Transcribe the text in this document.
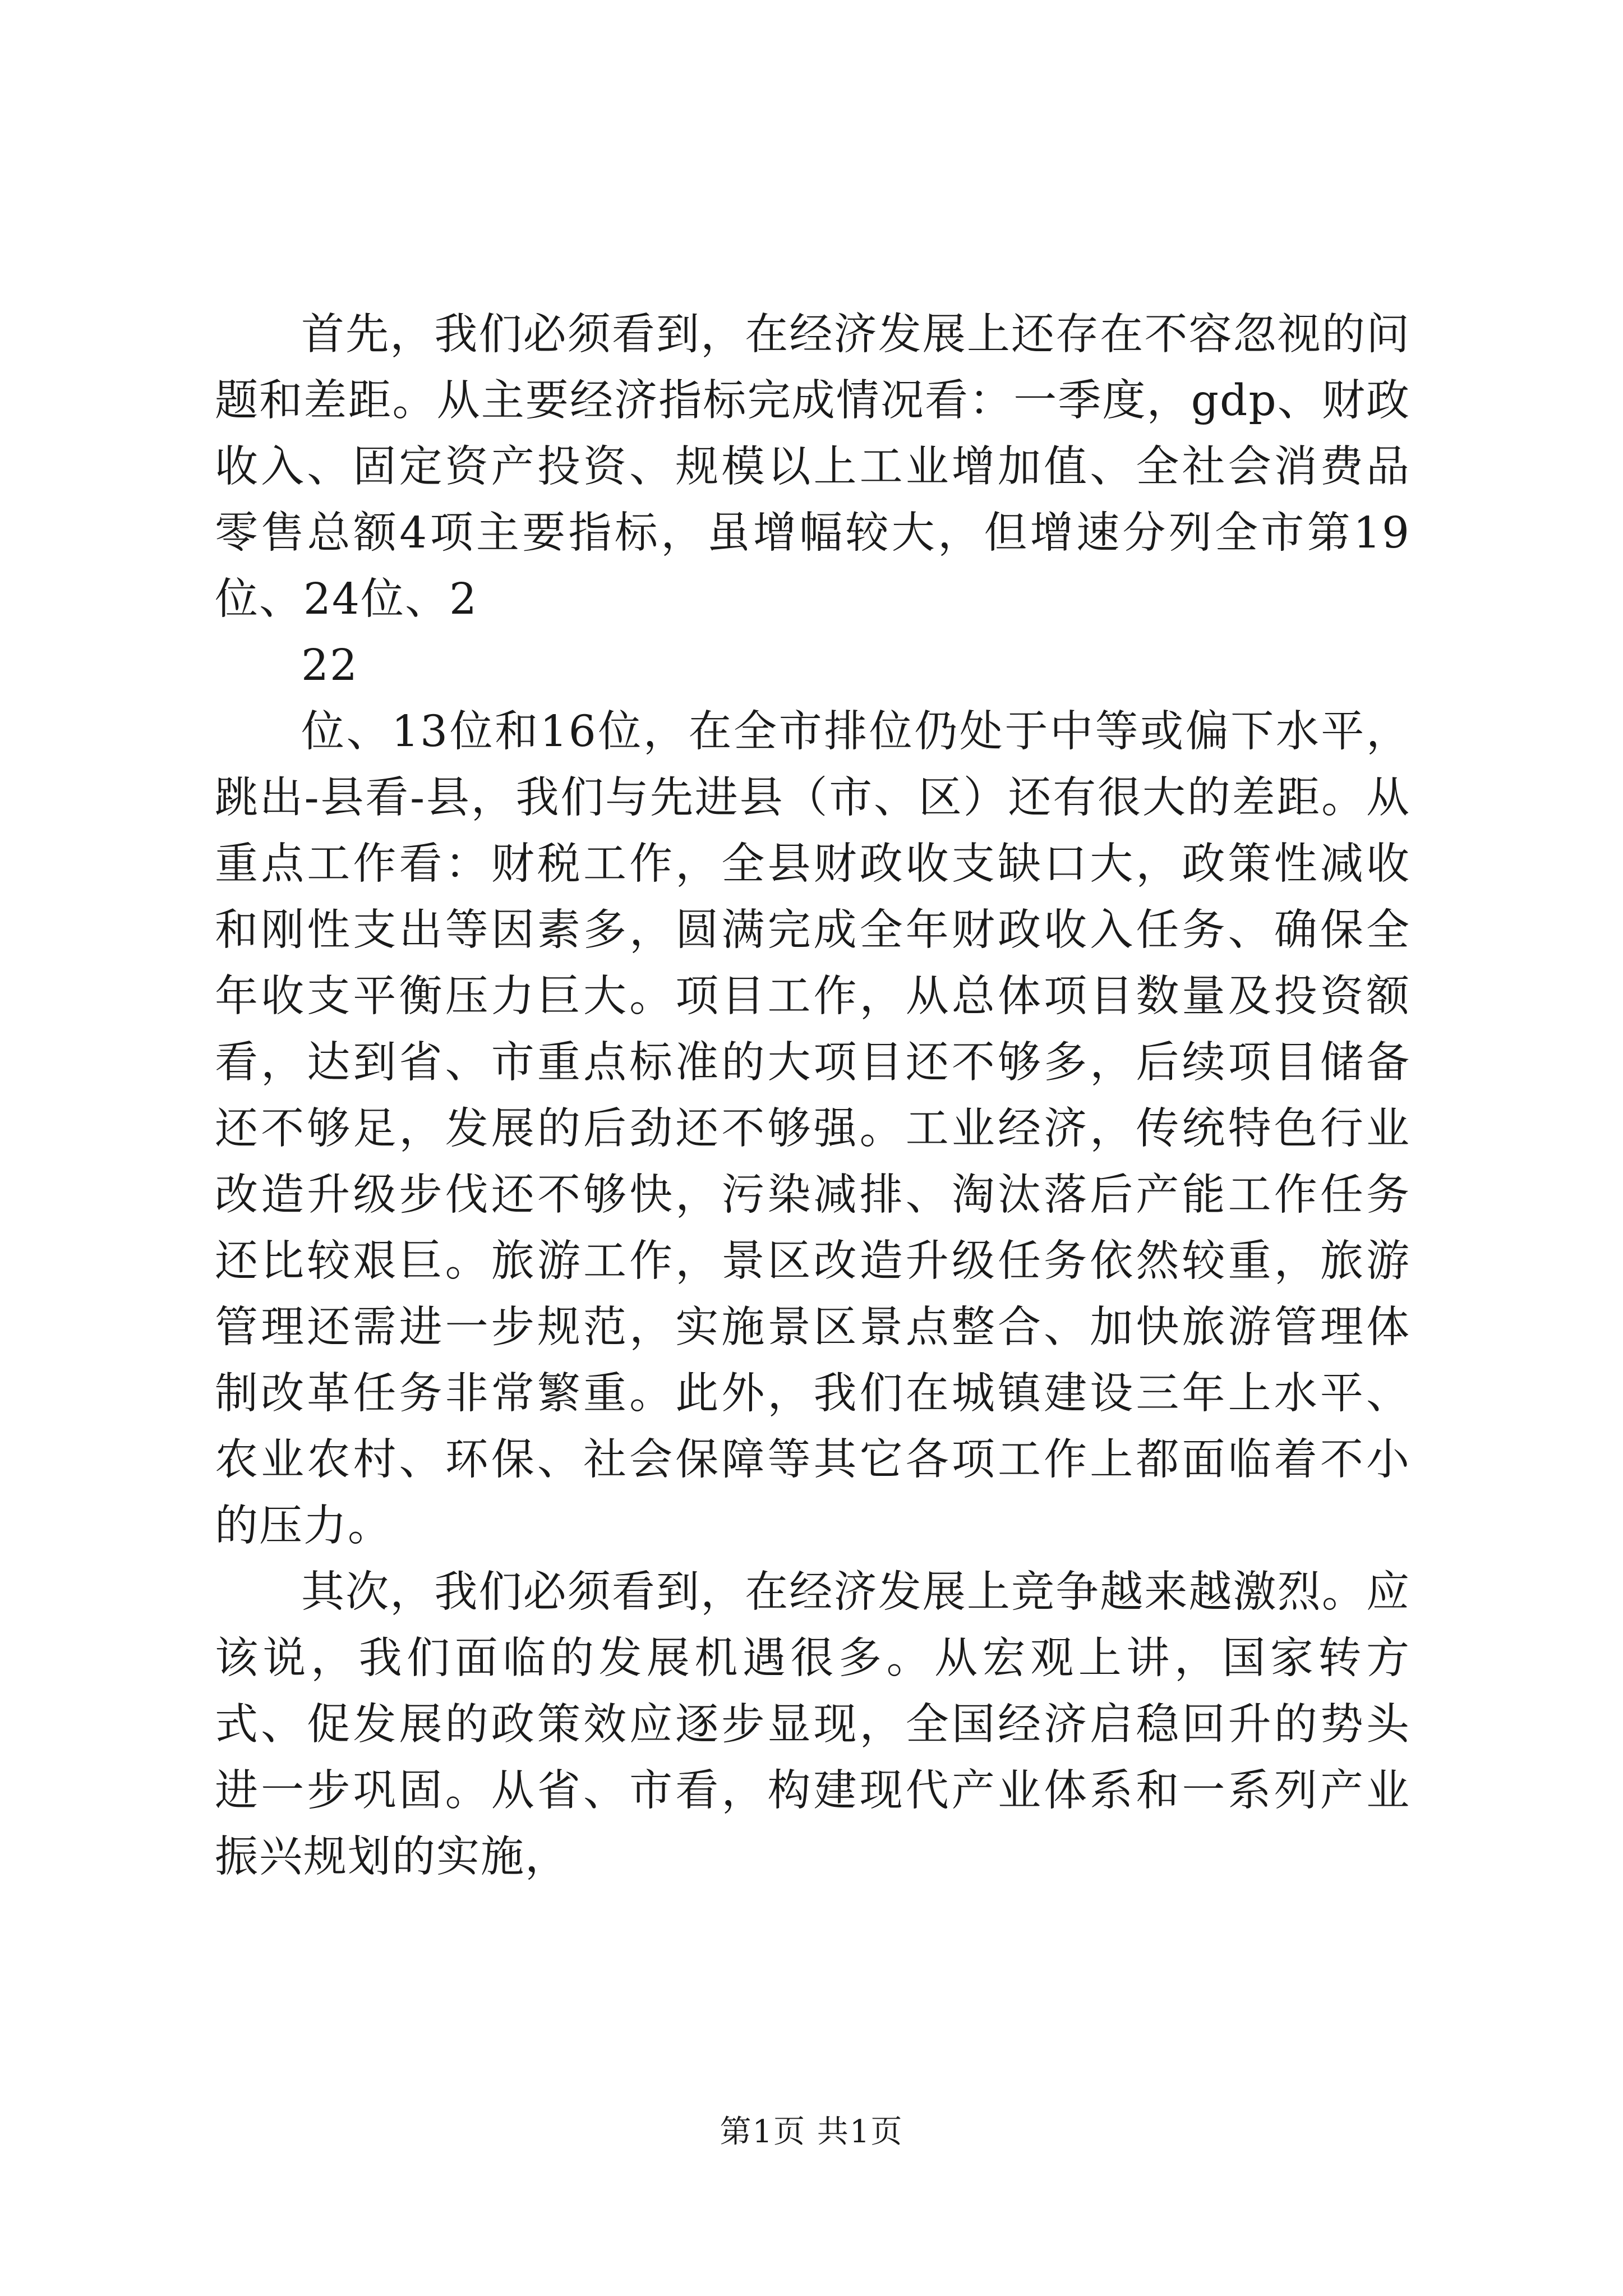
首先，我们必须看到，在经济发展上还存在不容忽视的问题和差距。从主要经济指标完成情况看：一季度，gdp、财政收入、固定资产投资、规模以上工业增加值、全社会消费品零售总额4项主要指标，虽增幅较大，但增速分列全市第19位、24位、2

22

位、13位和16位，在全市排位仍处于中等或偏下水平，跳出-县看-县，我们与先进县（市、区）还有很大的差距。从重点工作看：财税工作，全县财政收支缺口大，政策性减收和刚性支出等因素多，圆满完成全年财政收入任务、确保全年收支平衡压力巨大。项目工作，从总体项目数量及投资额看，达到省、市重点标准的大项目还不够多，后续项目储备还不够足，发展的后劲还不够强。工业经济，传统特色行业改造升级步伐还不够快，污染减排、淘汰落后产能工作任务还比较艰巨。旅游工作，景区改造升级任务依然较重，旅游管理还需进一步规范，实施景区景点整合、加快旅游管理体制改革任务非常繁重。此外，我们在城镇建设三年上水平、农业农村、环保、社会保障等其它各项工作上都面临着不小的压力。

其次，我们必须看到，在经济发展上竞争越来越激烈。应该说，我们面临的发展机遇很多。从宏观上讲，国家转方式、促发展的政策效应逐步显现，全国经济启稳回升的势头进一步巩固。从省、市看，构建现代产业体系和一系列产业振兴规划的实施，

第1页 共1页
